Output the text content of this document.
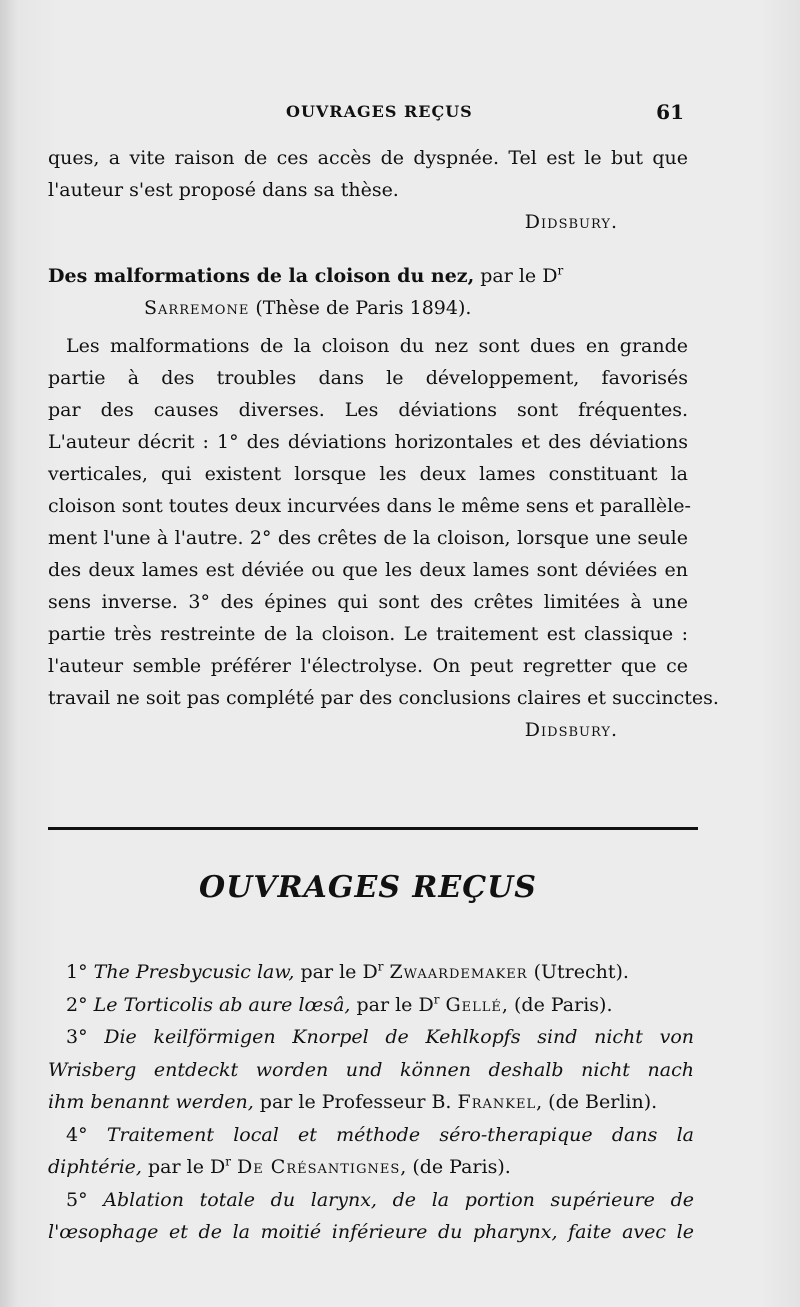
OUVRAGES REÇUS	61
ques, a vite raison de ces accès de dyspnée. Tel est le but que
l'auteur s'est proposé dans sa thèse.
Didsbury.
Des malformations de la cloison du nez, par le $D^r$
Sarremone (Thèse de Paris 1894).
Les malformations de la cloison du nez sont dues en grande
partie à des troubles dans le développement, favorisés
par des causes diverses. Les déviations sont fréquentes.
L'auteur décrit : 1° des déviations horizontales et des déviations
verticales, qui existent lorsque les deux lames constituant la
cloison sont toutes deux incurvées dans le même sens et parallèle-
ment l'une à l'autre. 2° des crêtes de la cloison, lorsque une seule
des deux lames est déviée ou que les deux lames sont déviées en
sens inverse. 3° des épines qui sont des crêtes limitées à une
partie très restreinte de la cloison. Le traitement est classique :
l'auteur semble préférer l'électrolyse. On peut regretter que ce
travail ne soit pas complété par des conclusions claires et succinctes.
Didsbury.
OUVRAGES REÇUS
1° The Presbycusic law, par le $D^r$ Zwaardemaker (Utrecht).
2° Le Torticolis ab aure lœsâ, par le $D^r$ Gellé, (de Paris).
3° Die keilförmigen Knorpel de Kehlkopfs sind nicht von
Wrisberg entdeckt worden und können deshalb nicht nach
ihm benannt werden, par le Professeur B. Frankel, (de Berlin).
4° Traitement local et méthode séro-therapique dans la
diphtérie, par le $D^r$ De Crésantignes, (de Paris).
5° Ablation totale du larynx, de la portion supérieure de
l'œsophage et de la moitié inférieure du pharynx, faite avec le
